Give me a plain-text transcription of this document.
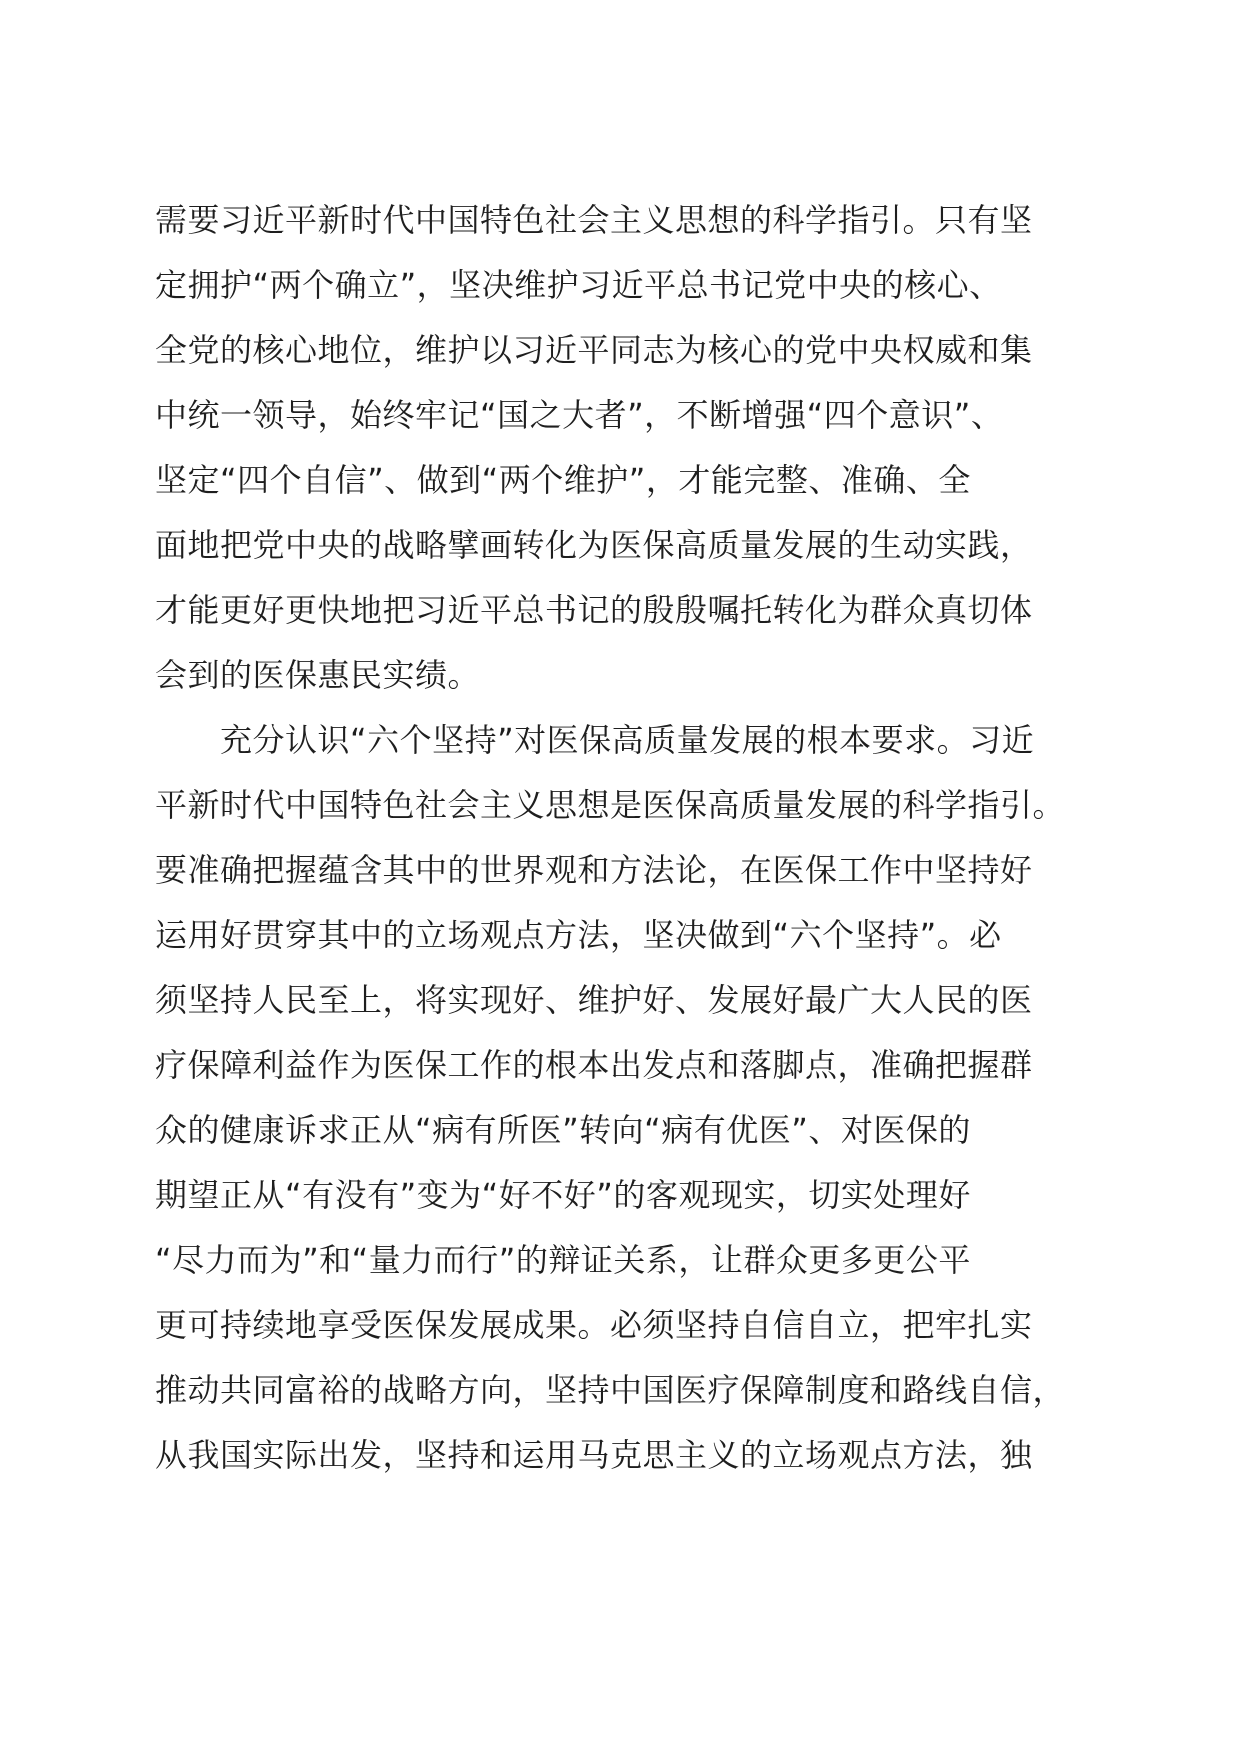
需要习近平新时代中国特色社会主义思想的科学指引。只有坚
定拥护“两个确立”，坚决维护习近平总书记党中央的核心、
全党的核心地位，维护以习近平同志为核心的党中央权威和集
中统一领导，始终牢记“国之大者”，不断增强“四个意识”、
坚定“四个自信”、做到“两个维护”，才能完整、准确、全
面地把党中央的战略擘画转化为医保高质量发展的生动实践，
才能更好更快地把习近平总书记的殷殷嘱托转化为群众真切体
会到的医保惠民实绩。
　　充分认识“六个坚持”对医保高质量发展的根本要求。习近
平新时代中国特色社会主义思想是医保高质量发展的科学指引。
要准确把握蕴含其中的世界观和方法论，在医保工作中坚持好
运用好贯穿其中的立场观点方法，坚决做到“六个坚持”。必
须坚持人民至上，将实现好、维护好、发展好最广大人民的医
疗保障利益作为医保工作的根本出发点和落脚点，准确把握群
众的健康诉求正从“病有所医”转向“病有优医”、对医保的
期望正从“有没有”变为“好不好”的客观现实，切实处理好
“尽力而为”和“量力而行”的辩证关系，让群众更多更公平
更可持续地享受医保发展成果。必须坚持自信自立，把牢扎实
推动共同富裕的战略方向，坚持中国医疗保障制度和路线自信，
从我国实际出发，坚持和运用马克思主义的立场观点方法，独
